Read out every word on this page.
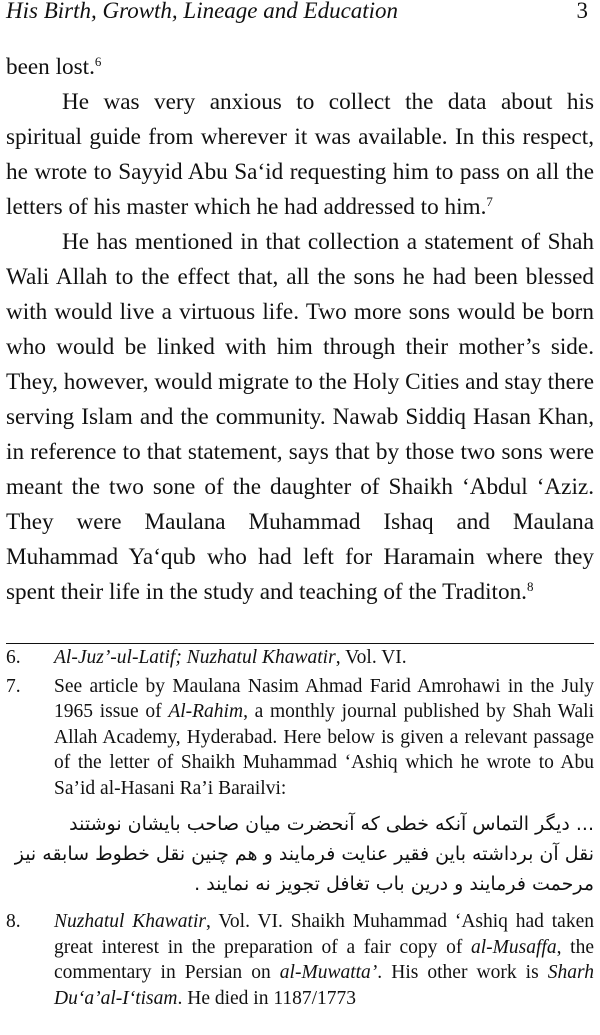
His Birth, Growth, Lineage and Education	3

been lost.$^6$

He was very anxious to collect the data about his spiritual guide from wherever it was available. In this respect, he wrote to Sayyid Abu Sa‘id requesting him to pass on all the letters of his master which he had addressed to him.$^7$

He has mentioned in that collection a statement of Shah Wali Allah to the effect that, all the sons he had been blessed with would live a virtuous life. Two more sons would be born who would be linked with him through their mother’s side. They, however, would migrate to the Holy Cities and stay there serving Islam and the community. Nawab Siddiq Hasan Khan, in reference to that statement, says that by those two sons were meant the two sone of the daughter of Shaikh ‘Abdul ‘Aziz. They were Maulana Muhammad Ishaq and Maulana Muhammad Ya‘qub who had left for Haramain where they spent their life in the study and teaching of the Traditon.$^8$

6. Al-Juz’-ul-Latif; Nuzhatul Khawatir, Vol. VI.
7. See article by Maulana Nasim Ahmad Farid Amrohawi in the July 1965 issue of Al-Rahim, a monthly journal published by Shah Wali Allah Academy, Hyderabad. Here below is given a relevant passage of the letter of Shaikh Muhammad ‘Ashiq which he wrote to Abu Sa’id al-Hasani Ra’i Barailvi:
... دیگر التماس آنکه خطی که آنحضرت میان صاحب بایشان نوشتند
نقل آن برداشته باین فقیر عنایت فرمایند و هم چنین نقل خطوط سابقه نیز
مرحمت فرمایند و درین باب تغافل تجویز نه نمایند .
8. Nuzhatul Khawatir, Vol. VI. Shaikh Muhammad ‘Ashiq had taken great interest in the preparation of a fair copy of al-Musaffa, the commentary in Persian on al-Muwatta’. His other work is Sharh Du‘a’al-I‘tisam. He died in 1187/1773
